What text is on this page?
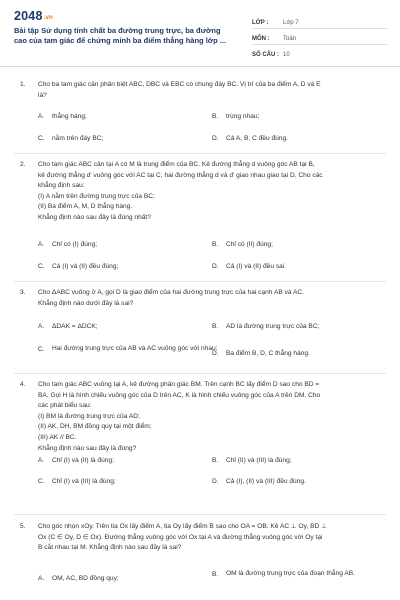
2048.vn
Bài tập Sử dụng tính chất ba đường trung trực, ba đường cao của tam giác để chứng minh ba điểm thẳng hàng lớp ...
LỚP :	Lớp 7
MÔN :	Toán
SỐ CÂU : 10
1. Cho ba tam giác cân phân biệt ABC, DBC và EBC có chung đáy BC. Vị trí của ba điểm A, D và E
là?
A. thẳng hàng;	B. trùng nhau;
C. nằm trên đáy BC;	D. Cả A, B, C đều đúng.
2. Cho tam giác ABC cân tại A có M là trung điểm của BC. Kẻ đường thẳng d vuông góc AB tại B,
kẻ đường thẳng d' vuông góc với AC tại C, hai đường thẳng d và d' giao nhau giao tại D. Cho các
khẳng định sau:
(I) A nằm trên đường trung trực của BC;
(II) Ba điểm A, M, D thẳng hàng.
Khẳng định nào sau đây là đúng nhất?
A. Chỉ có (I) đúng;	B. Chỉ có (II) đúng;
C. Cả (I) và (II) đều đúng;	D. Cả (I) và (II) đều sai.
3. Cho ΔABC vuông ở A, gọi D là giao điểm của hai đường trung trực của hai cạnh AB và AC.
Khẳng định nào dưới đây là sai?
A. ΔDAK = ΔDCK;	B. AD là đường trung trực của BC;
C. Hai đường trung trực của AB và AC vuông góc với nhau;
D. Ba điểm B, D, C thẳng hàng.
4. Cho tam giác ABC vuông tại A, kẻ đường phân giác BM. Trên cạnh BC lấy điểm D sao cho BD =
BA. Gọi H là hình chiếu vuông góc của D trên AC, K là hình chiếu vuông góc của A trên DM. Cho
các phát biểu sau:
(I) BM là đường trung trực của AD;
(II) AK, DH, BM đồng quy tại một điểm;
(III) AK // BC.
Khẳng định nào sau đây là đúng?
A. Chỉ (I) và (II) là đúng;	B. Chỉ (II) và (III) là đúng;
C. Chỉ (I) và (III) là đúng;	D. Cả (I), (II) và (III) đều đúng.
5. Cho góc nhọn xOy. Trên tia Ox lấy điểm A, tia Oy lấy điểm B sao cho OA = OB. Kẻ AC ⊥ Oy, BD ⊥
Ox (C ∈ Oy, D ∈ Ox). Đường thẳng vuông góc với Ox tại A và đường thẳng vuông góc với Oy tại
B cắt nhau tại M. Khẳng định nào sau đây là sai?
A. OM, AC, BD đồng quy;
B. OM là đường trung trực của đoạn thẳng AB.
